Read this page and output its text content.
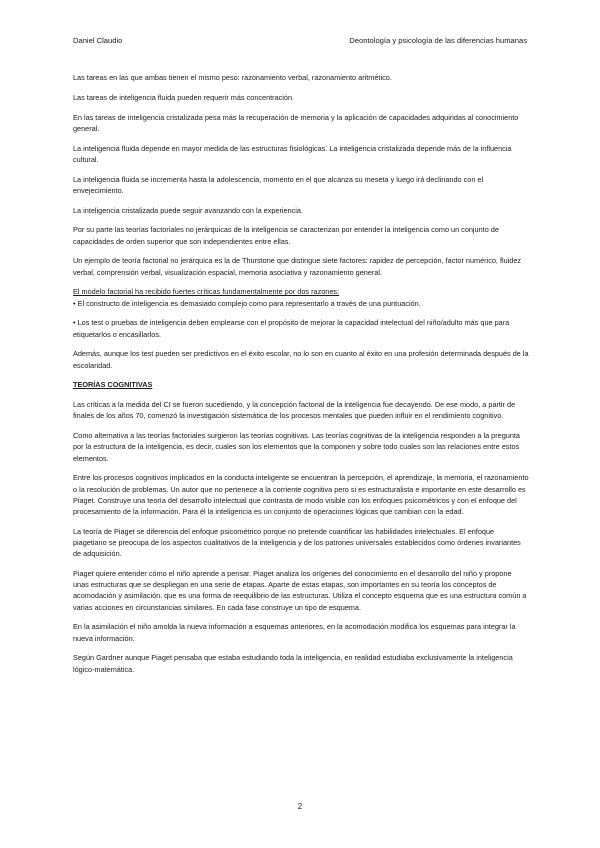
Daniel Claudio	Deontología y psicología de las diferencias humanas

Las tareas en las que ambas tienen el mismo peso: razonamiento verbal, razonamiento aritmético.

Las tareas de inteligencia fluida pueden requerir más concentración.

En las tareas de inteligencia cristalizada pesa más la recuperación de memoria y la aplicación de capacidades adquiridas al conocimiento general.

La inteligencia fluida depende en mayor medida de las estructuras fisiológicas. La inteligencia cristalizada depende más de la influencia cultural.

La inteligencia fluida se incrementa hasta la adolescencia, momento en el que alcanza su meseta y luego irá declinando con el envejecimiento.

La inteligencia cristalizada puede seguir avanzando con la experiencia.

Por su parte las teorías factoriales no jerárquicas de la inteligencia se caracterizan por entender la inteligencia como un conjunto de capacidades de orden superior que son independientes entre ellas.

Un ejemplo de teoría factorial no jerárquica es la de Thurstone que distingue siete factores: rapidez de percepción, factor numérico, fluidez verbal, comprensión verbal, visualización espacial, memoria asociativa y razonamiento general.

El modelo factorial ha recibido fuertes críticas fundamentalmente por dos razones:

• El constructo de inteligencia es demasiado complejo como para representarlo a través de una puntuación.

• Los test o pruebas de inteligencia deben emplearse con el propósito de mejorar la capacidad intelectual del niño/adulto más que para etiquetarlos o encasillarlos.

Además, aunque los test pueden ser predictivos en el éxito escolar, no lo son en cuanto al éxito en una profesión determinada después de la escolaridad.

TEORÍAS COGNITIVAS

Las críticas a la medida del CI se fueron sucediendo, y la concepción factorial de la inteligencia fue decayendo. De ese modo, a partir de finales de los años 70, comenzó la investigación sistemática de los procesos mentales que pueden influir en el rendimiento cognitivo.

Como alternativa a las teorías factoriales surgieron las teorías cognitivas. Las teorías cognitivas de la inteligencia responden a la pregunta por la estructura de la inteligencia, es decir, cuales son los elementos que la componen y sobre todo cuales son las relaciones entre estos elementos.

Entre los procesos cognitivos implicados en la conducta inteligente se encuentran la percepción, el aprendizaje, la memoria, el razonamiento o la resolución de problemas. Un autor que no pertenece a la corriente cognitiva pero si es estructuralista e importante en este desarrollo es Piaget. Construye una teoría del desarrollo intelectual que contrasta de modo visible con los enfoques psicométricos y con el enfoque del procesamiento de la información. Para él la inteligencia es un conjunto de operaciones lógicas que cambian con la edad.

La teoría de Piaget se diferencia del enfoque psicométrico porque no pretende cuantificar las habilidades intelectuales. El enfoque piagetiano se preocupa de los aspectos cualitativos de la inteligencia y de los patrones universales establecidos como órdenes invariantes de adquisición.

Piaget quiere entender cómo el niño aprende a pensar. Piaget analiza los orígenes del conocimiento en el desarrollo del niño y propone unas estructuras que se despliegan en una serie de etapas. Aparte de estas etapas, son importantes en su teoría los conceptos de acomodación y asimilación. que es una forma de reequilibrio de las estructuras. Utiliza el concepto esquema que es una estructura común a varias acciones en circunstancias similares. En cada fase construye un tipo de esquema.

En la asimilación el niño amolda la nueva información a esquemas anteriores, en la acomodación modifica los esquemas para integrar la nueva información.

Según Gardner aunque Piaget pensaba que estaba estudiando toda la inteligencia, en realidad estudiaba exclusivamente la inteligencia lógico-matemática.

2
